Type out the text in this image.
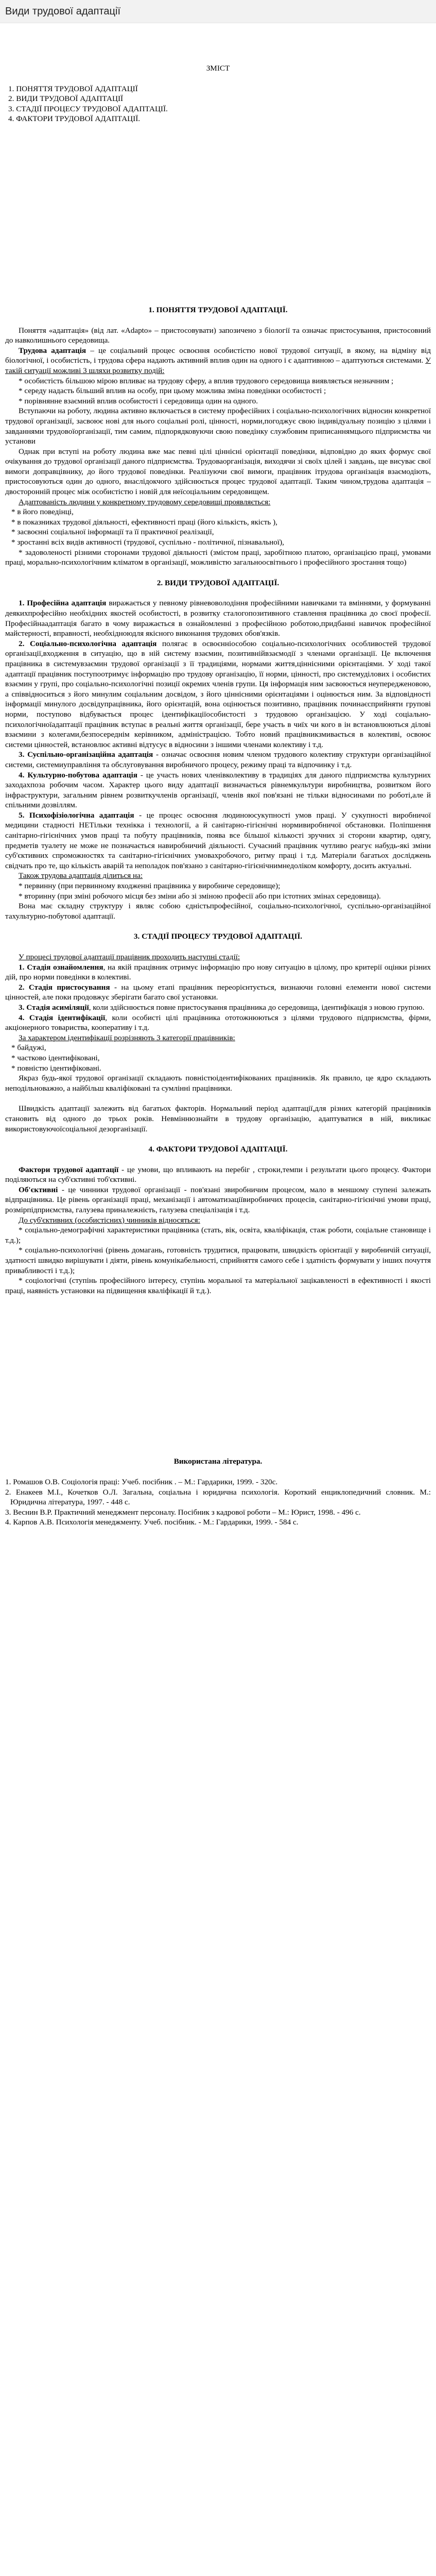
Види трудової адаптації

ЗМІСТ

1. ПОНЯТТЯ ТРУДОВОЇ АДАПТАЦІЇ

2. ВИДИ ТРУДОВОЇ АДАПТАЦІЇ

3. СТАДІЇ ПРОЦЕСУ ТРУДОВОЇ АДАПТАЦІЇ.

4. ФАКТОРИ ТРУДОВОЇ АДАПТАЦІЇ.

1. ПОНЯТТЯ ТРУДОВОЇ АДАПТАЦІЇ.

Поняття «адаптація» (від лат. «Adapto» – пристосовувати) запозичено з біології та означає пристосування, пристосовний до навколишнього середовища.

Трудова адаптація – це соціальний процес освоєння особистістю нової трудової ситуації, в якому, на відміну від біологічної, і особистість, і трудова сфера надають активний вплив один на одного і є адаптивною – адаптуються системами. У такій ситуації можливі 3 шляхи розвитку подій:

* особистість більшою мірою впливає на трудову сферу, а вплив трудового середовища виявляється незначним ;

* середу надасть більший вплив на особу, при цьому можлива зміна поведінки особистості ;

* порівнянне взаємний вплив особистості і середовища один на одного.

Вступаючи на роботу, людина активно включається в систему професійних і соціально-психологічних відносин конкретної трудової організації, засвоює нові для нього соціальні ролі, цінності, норми,погоджує свою індивідуальну позицію з цілями і завданнями трудовоїорганізації, тим самим, підпорядковуючи свою поведінку службовим приписаннямцього підприємства чи установи

Однак при вступі на роботу людина вже має певні цілі ціннісні орієнтації поведінки, відповідно до яких формує свої очікування до трудової організації даного підприємства. Трудоваорганізація, виходячи зі своїх цілей і завдань, ще висуває свої вимоги доправцівнику, до його трудової поведінки. Реалізуючи свої вимоги, працівник ітрудова організація взаємодіють, пристосовуються один до одного, внаслідокчого здійснюється процес трудової адаптації. Таким чином,трудова адаптація – двосторонній процес між особистістю і новій для неїсоціальним середовищем.

Адаптованість людини у конкретному трудовому середовищі проявляється:

* в його поведінці,

* в показниках трудової діяльності, ефективності праці (його кількість, якість ),

* засвоєнні соціальної інформації та її практичної реалізації,

* зростанні всіх видів активності (трудової, суспільно - політичної, пізнавальної),

* задоволеності різними сторонами трудової діяльності (змістом праці, заробітною платою, організацією праці, умовами праці, морально-психологічним кліматом в організації, можливістю загальноосвітнього і професійного зростання тощо)

2. ВИДИ ТРУДОВОЇ АДАПТАЦІЇ.

1. Професійна адаптація виражається у певному рівневоволодіння професійними навичками та вміннями, у формуванні деякихпрофесійно необхідних якостей особистості, в розвитку сталогопозитивного ставлення працівника до своєї професії. Професійнаадаптація багато в чому виражається в ознайомленні з професійною роботою,придбанні навичок професійної майстерності, вправності, необхідноюдля якісного виконання трудових обов'язків.

2. Соціально-психологічна адаптація полягає в освоєнніособою соціально-психологічних особливостей трудової організації,входження в ситуацію, що в ній систему взаємин, позитивнійвзаємодії з членами організації. Це включення працівника в системувзаємин трудової організації з її традиціями, нормами життя,ціннісними орієнтаціями. У ході такої адаптації працівник поступоотримує інформацію про трудову організацію, її норми, цінності, про системуділових і особистих взаємин у групі, про соціально-психологічні позиції окремих членів групи. Ця інформація ним засвоюється неупередженовою, а співвідноситься з його минулим соціальним досвідом, з його ціннісними орієнтаціями і оцінюється ним. За відповідності інформації минулого досвідупрацівника, його орієнтацій, вона оцінюється позитивно, працівник починаєсприйняти групові норми, поступово відбувається процес ідентифікаціїособистості з трудовою організацією. У ході соціально-психологічноїадаптації працівник вступає в реальні життя організації, бере участь в чиїх чи кого в ін встановлюються ділові взаємини з колегами,безпосереднім керівником, адміністрацією. Тобто новий працівникзмивається в колективі, освоює системи цінностей, встановлює активні відтусує в відносини з іншими членами колективу і т.д.

3. Суспільно-організаційна адаптація - означає освоєння новим членом трудового колективу структури організаційної системи, системиуправління та обслуговування виробничого процесу, режиму праці та відпочинку і т.д.

4. Культурно-побутова адаптація - це участь нових членівколективу в традиціях для даного підприємства культурних заходахпоза робочим часом. Характер цього виду адаптації визначається рівнемкультури виробництва, розвитком його інфраструктури, загальним рівнем розвиткучленів організації, членів якої пов'язані не тільки відносинами по роботі,але й спільними дозвіллям.

5. Психофізіологічна адаптація - це процес освоєння людиноюсукупності умов праці. У сукупності виробничої медицини стадності НЕТільки технікка і технології, а й санітарно-гігієнічні нормивиробничої обстановки. Поліпшення санітарно-гігієнічних умов праці та побуту працівників, поява все більшої кількості зручних зі сторони квартир, одягу, предметів туалету не може не позначається навиробничий діяльності. Сучасний працівник чутливо реагує набудь-які зміни суб'єктивних спроможностях та санітарно-гігієнічних умовахробочого, ритму праці і т.д. Матеріали багатьох досліджень свідчать про те, що кількість аварій та неполадок пов'язано з санітарно-гігієнічнимнедоліком комфорту, досить актуальні.

Також трудова адаптація ділиться на:

* первинну (при первинному входженні працівника у виробниче середовище);

* вторинну (при зміні робочого місця без зміни або зі зміною професії або при істотних змінах середовища).

Вона має складну структуру і являє собою єдністьпрофесійної, соціально-психологічної, суспільно-організаційної тахультурно-побутової адаптації.

3. СТАДІЇ ПРОЦЕСУ ТРУДОВОЇ АДАПТАЦІЇ.

У процесі трудової адаптації працівник проходить наступні стадії:

1. Стадія ознайомлення, на якій працівник отримує інформацію про нову ситуацію в цілому, про критерії оцінки різних дій, про норми поведінки в колективі.

2. Стадія пристосування - на цьому етапі працівник переорієнтується, визнаючи головні елементи нової системи цінностей, але поки продовжує зберігати багато свої установки.

3. Стадія асиміляції, коли здійснюється повне пристосування працівника до середовища, ідентифікація з новою групою.

4. Стадія ідентифікації, коли особисті цілі працівника ототожнюються з цілями трудового підприємства, фірми, акціонерного товариства, кооперативу і т.д.

За характером ідентифікації розрізняють 3 категорії працівників:

* байдужі,

* частково ідентифіковані,

* повністю ідентифіковані.

Якраз будь-якої трудової організації складають повністюідентифікованих працівників. Як правило, це ядро складають неподільноважно, а найбільш кваліфіковані та сумлінні працівники.

Швидкість адаптації залежить від багатьох факторів. Нормальний період адаптації,для різних категорій працівників становить від одного до трьох років. Невміннюзнайти в трудову організацію, адаптуватися в ній, викликає використовуючоїсоціальної дезорганізації.

4. ФАКТОРИ ТРУДОВОЇ АДАПТАЦІЇ.

Фактори трудової адаптації - це умови, що впливають на перебіг , строки,темпи і результати цього процесу. Фактори поділяються на суб'єктивні тоб'єктивні.

Об'єктивні - це чинники трудової організації - пов'язані звиробничим процесом, мало в меншому ступені залежать відпрацівника. Це рівень організації праці, механізації і автоматизаціївиробничих процесів, санітарно-гігієнічні умови праці, розмірпідприємства, галузева приналежність, галузева спеціалізація і т.д.

До суб'єктивних (особистісних) чинників відносяться:

* соціально-демографічні характеристики працівника (стать, вік, освіта, кваліфікація, стаж роботи, соціальне становище і т.д.);

* соціально-психологічні (рівень домагань, готовність трудитися, працювати, швидкість орієнтації у виробничій ситуації, здатності швидко вирішувати і діяти, рівень комунікабельності, сприйняття самого себе і здатність формувати у інших почуття привабливості і т.д.);

* соціологічні (ступінь професійного інтересу, ступінь моральної та матеріальної зацікавленості в ефективності і якості праці, наявність установки на підвищення кваліфікації й т.д.).

Використана література.

1. Ромашов О.В. Соціологія праці: Учеб. посібник . – М.: Гардарики, 1999. - 320с.

2. Енакеев М.І., Кочетков О.Л. Загальна, соціальна і юридична психологія. Короткий енциклопедичний словник. М.: Юридична література, 1997. - 448 с.

3. Веснин В.Р. Практичний менеджмент персоналу. Посібник з кадрової роботи – М.: Юрист, 1998. - 496 с.

4. Карпов А.В. Психологія менеджменту. Учеб. посібник. - М.: Гардарики, 1999. - 584 с.
